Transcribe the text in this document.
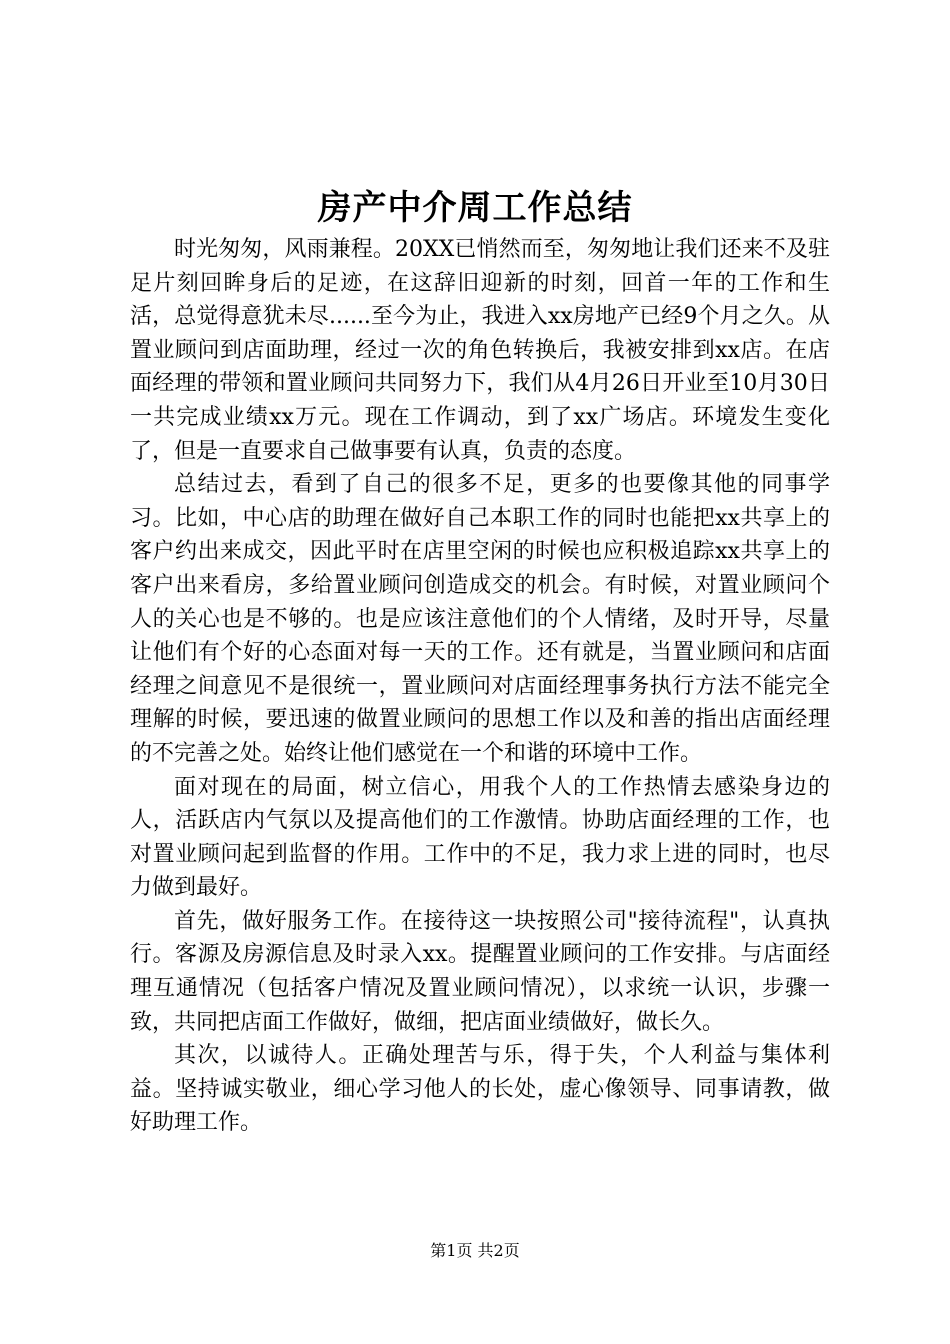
房产中介周工作总结

时光匆匆，风雨兼程。20XX已悄然而至，匆匆地让我们还来不及驻足片刻回眸身后的足迹，在这辞旧迎新的时刻，回首一年的工作和生活，总觉得意犹未尽......至今为止，我进入xx房地产已经9个月之久。从置业顾问到店面助理，经过一次的角色转换后，我被安排到xx店。在店面经理的带领和置业顾问共同努力下，我们从4月26日开业至10月30日一共完成业绩xx万元。现在工作调动，到了xx广场店。环境发生变化了，但是一直要求自己做事要有认真，负责的态度。

总结过去，看到了自己的很多不足，更多的也要像其他的同事学习。比如，中心店的助理在做好自己本职工作的同时也能把xx共享上的客户约出来成交，因此平时在店里空闲的时候也应积极追踪xx共享上的客户出来看房，多给置业顾问创造成交的机会。有时候，对置业顾问个人的关心也是不够的。也是应该注意他们的个人情绪，及时开导，尽量让他们有个好的心态面对每一天的工作。还有就是，当置业顾问和店面经理之间意见不是很统一，置业顾问对店面经理事务执行方法不能完全理解的时候，要迅速的做置业顾问的思想工作以及和善的指出店面经理的不完善之处。始终让他们感觉在一个和谐的环境中工作。

面对现在的局面，树立信心，用我个人的工作热情去感染身边的人，活跃店内气氛以及提高他们的工作激情。协助店面经理的工作，也对置业顾问起到监督的作用。工作中的不足，我力求上进的同时，也尽力做到最好。

首先，做好服务工作。在接待这一块按照公司"接待流程"，认真执行。客源及房源信息及时录入xx。提醒置业顾问的工作安排。与店面经理互通情况（包括客户情况及置业顾问情况），以求统一认识，步骤一致，共同把店面工作做好，做细，把店面业绩做好，做长久。

其次，以诚待人。正确处理苦与乐，得于失，个人利益与集体利益。坚持诚实敬业，细心学习他人的长处，虚心像领导、同事请教，做好助理工作。

第1页 共2页
